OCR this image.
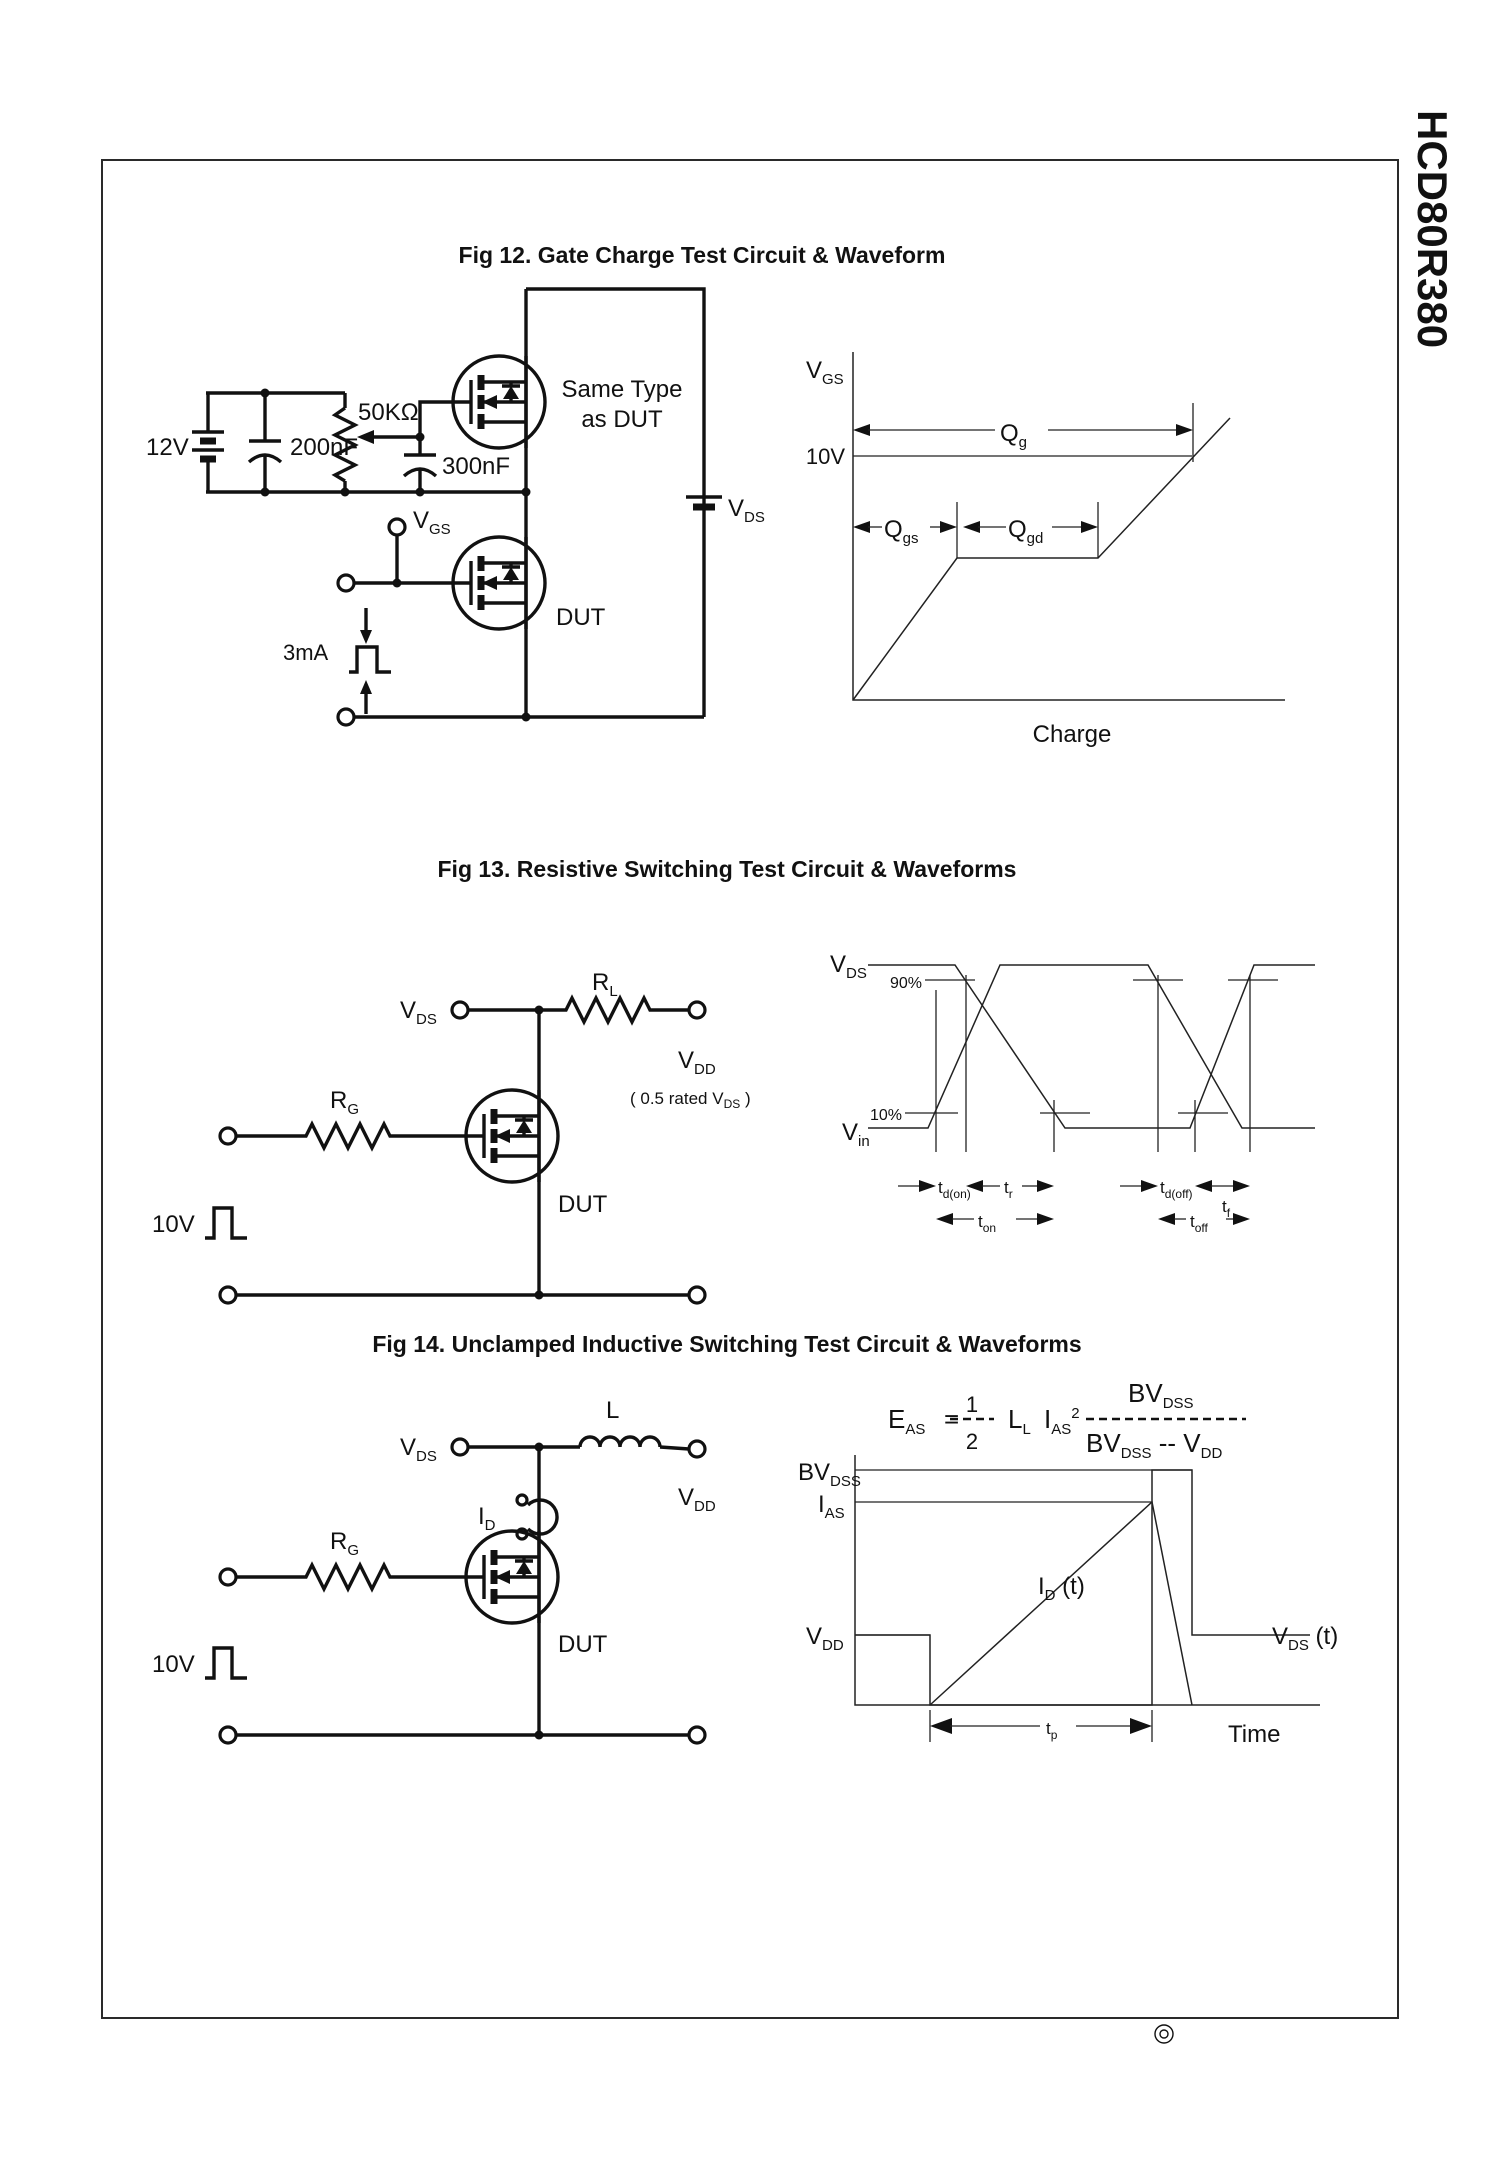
HCD80R380
Fig 12. Gate Charge Test Circuit & Waveform
12V	200nF
50KΩ
300nF
Same Type
as DUT
$V_{GS}$
DUT
3mA
$V_{DS}$
$V_{GS}$
10V
$Q_g$
$Q_{gs}$	$Q_{gd}$
Charge
Fig 13. Resistive Switching Test Circuit & Waveforms
$V_{DS}$
$R_L$
$V_{DD}$
( 0.5 rated $V_{DS}$ )
$R_G$
DUT
10V
$V_{DS}$
90%
$V_{in}$
10%
$t_{d(on)}$ $t_r$	$t_{d(off)}$
$t_f$
$t_{on}$	$t_{off}$
Fig 14. Unclamped Inductive Switching Test Circuit & Waveforms
$V_{DS}$
L
$V_{DD}$
$I_D$
$R_G$
DUT
10V
$E_{AS} = 1$
2
$L_L$ $I_{AS}^2$
$BV_{DSS}$
$BV_{DSS} -- V_{DD}$
$BV_{DSS}$
$I_{AS}$
$V_{DD}$
$I_D$ (t)
$V_{DS}$ (t)
$t_p$	Time
